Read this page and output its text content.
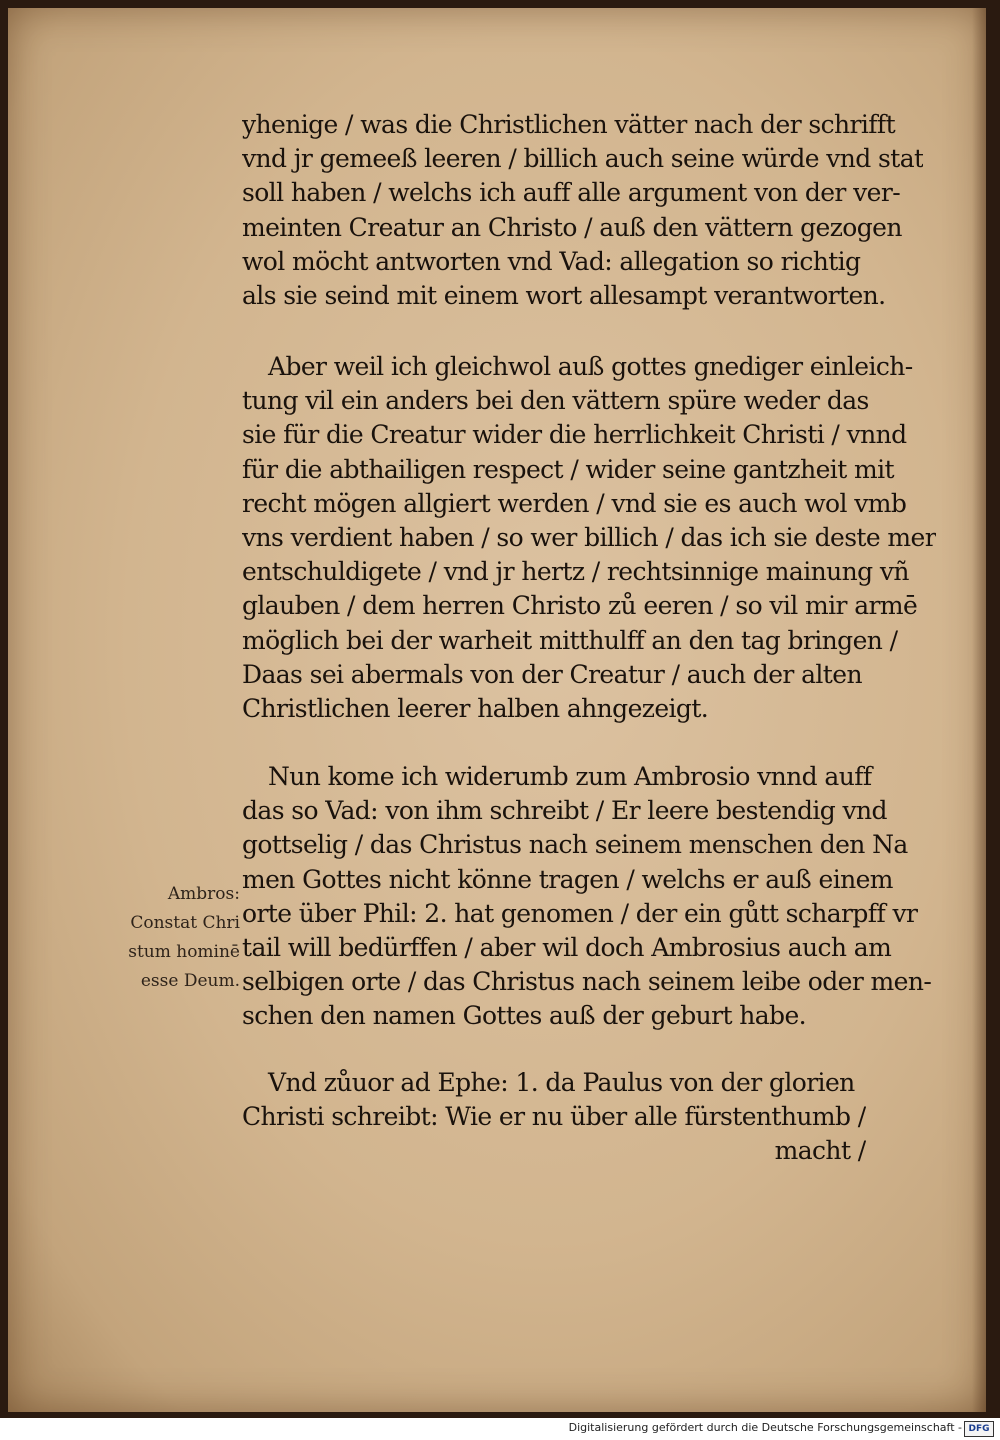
yhenige / was die Christlichen vätter nach der schrifft
vnd jr gemeeß leeren / billich auch seine würde vnd stat
soll haben / welchs ich auff alle argument von der ver-
meinten Creatur an Christo / auß den vättern gezogen
wol möcht antworten vnd Vad: allegation so richtig
als sie seind mit einem wort allesampt verantworten.
Aber weil ich gleichwol auß gottes gnediger einleich-
tung vil ein anders bei den vättern spüre weder das
sie für die Creatur wider die herrlichkeit Christi / vnnd
für die abthailigen respect / wider seine gantzheit mit
recht mögen allgiert werden / vnd sie es auch wol vmb
vns verdient haben / so wer billich / das ich sie deste mer
entschuldigete / vnd jr hertz / rechtsinnige mainung vñ
glauben / dem herren Christo zů eeren / so vil mir armē
möglich bei der warheit mitthulff an den tag bringen /
Daas sei abermals von der Creatur / auch der alten
Christlichen leerer halben ahngezeigt.
Nun kome ich widerumb zum Ambrosio vnnd auff
das so Vad: von ihm schreibt / Er leere bestendig vnd
gottselig / das Christus nach seinem menschen den Na
men Gottes nicht könne tragen / welchs er auß einem
orte über Phil: 2. hat genomen / der ein gůtt scharpff vr
tail will bedürffen / aber wil doch Ambrosius auch am
selbigen orte / das Christus nach seinem leibe oder men-
schen den namen Gottes auß der geburt habe.
Vnd zůuor ad Ephe: 1. da Paulus von der glorien
Christi schreibt: Wie er nu über alle fürstenthumb /
macht /
Ambros:
Constat Chri
stum hominē
esse Deum.
Digitalisierung gefördert durch die Deutsche Forschungsgemeinschaft - DFG
